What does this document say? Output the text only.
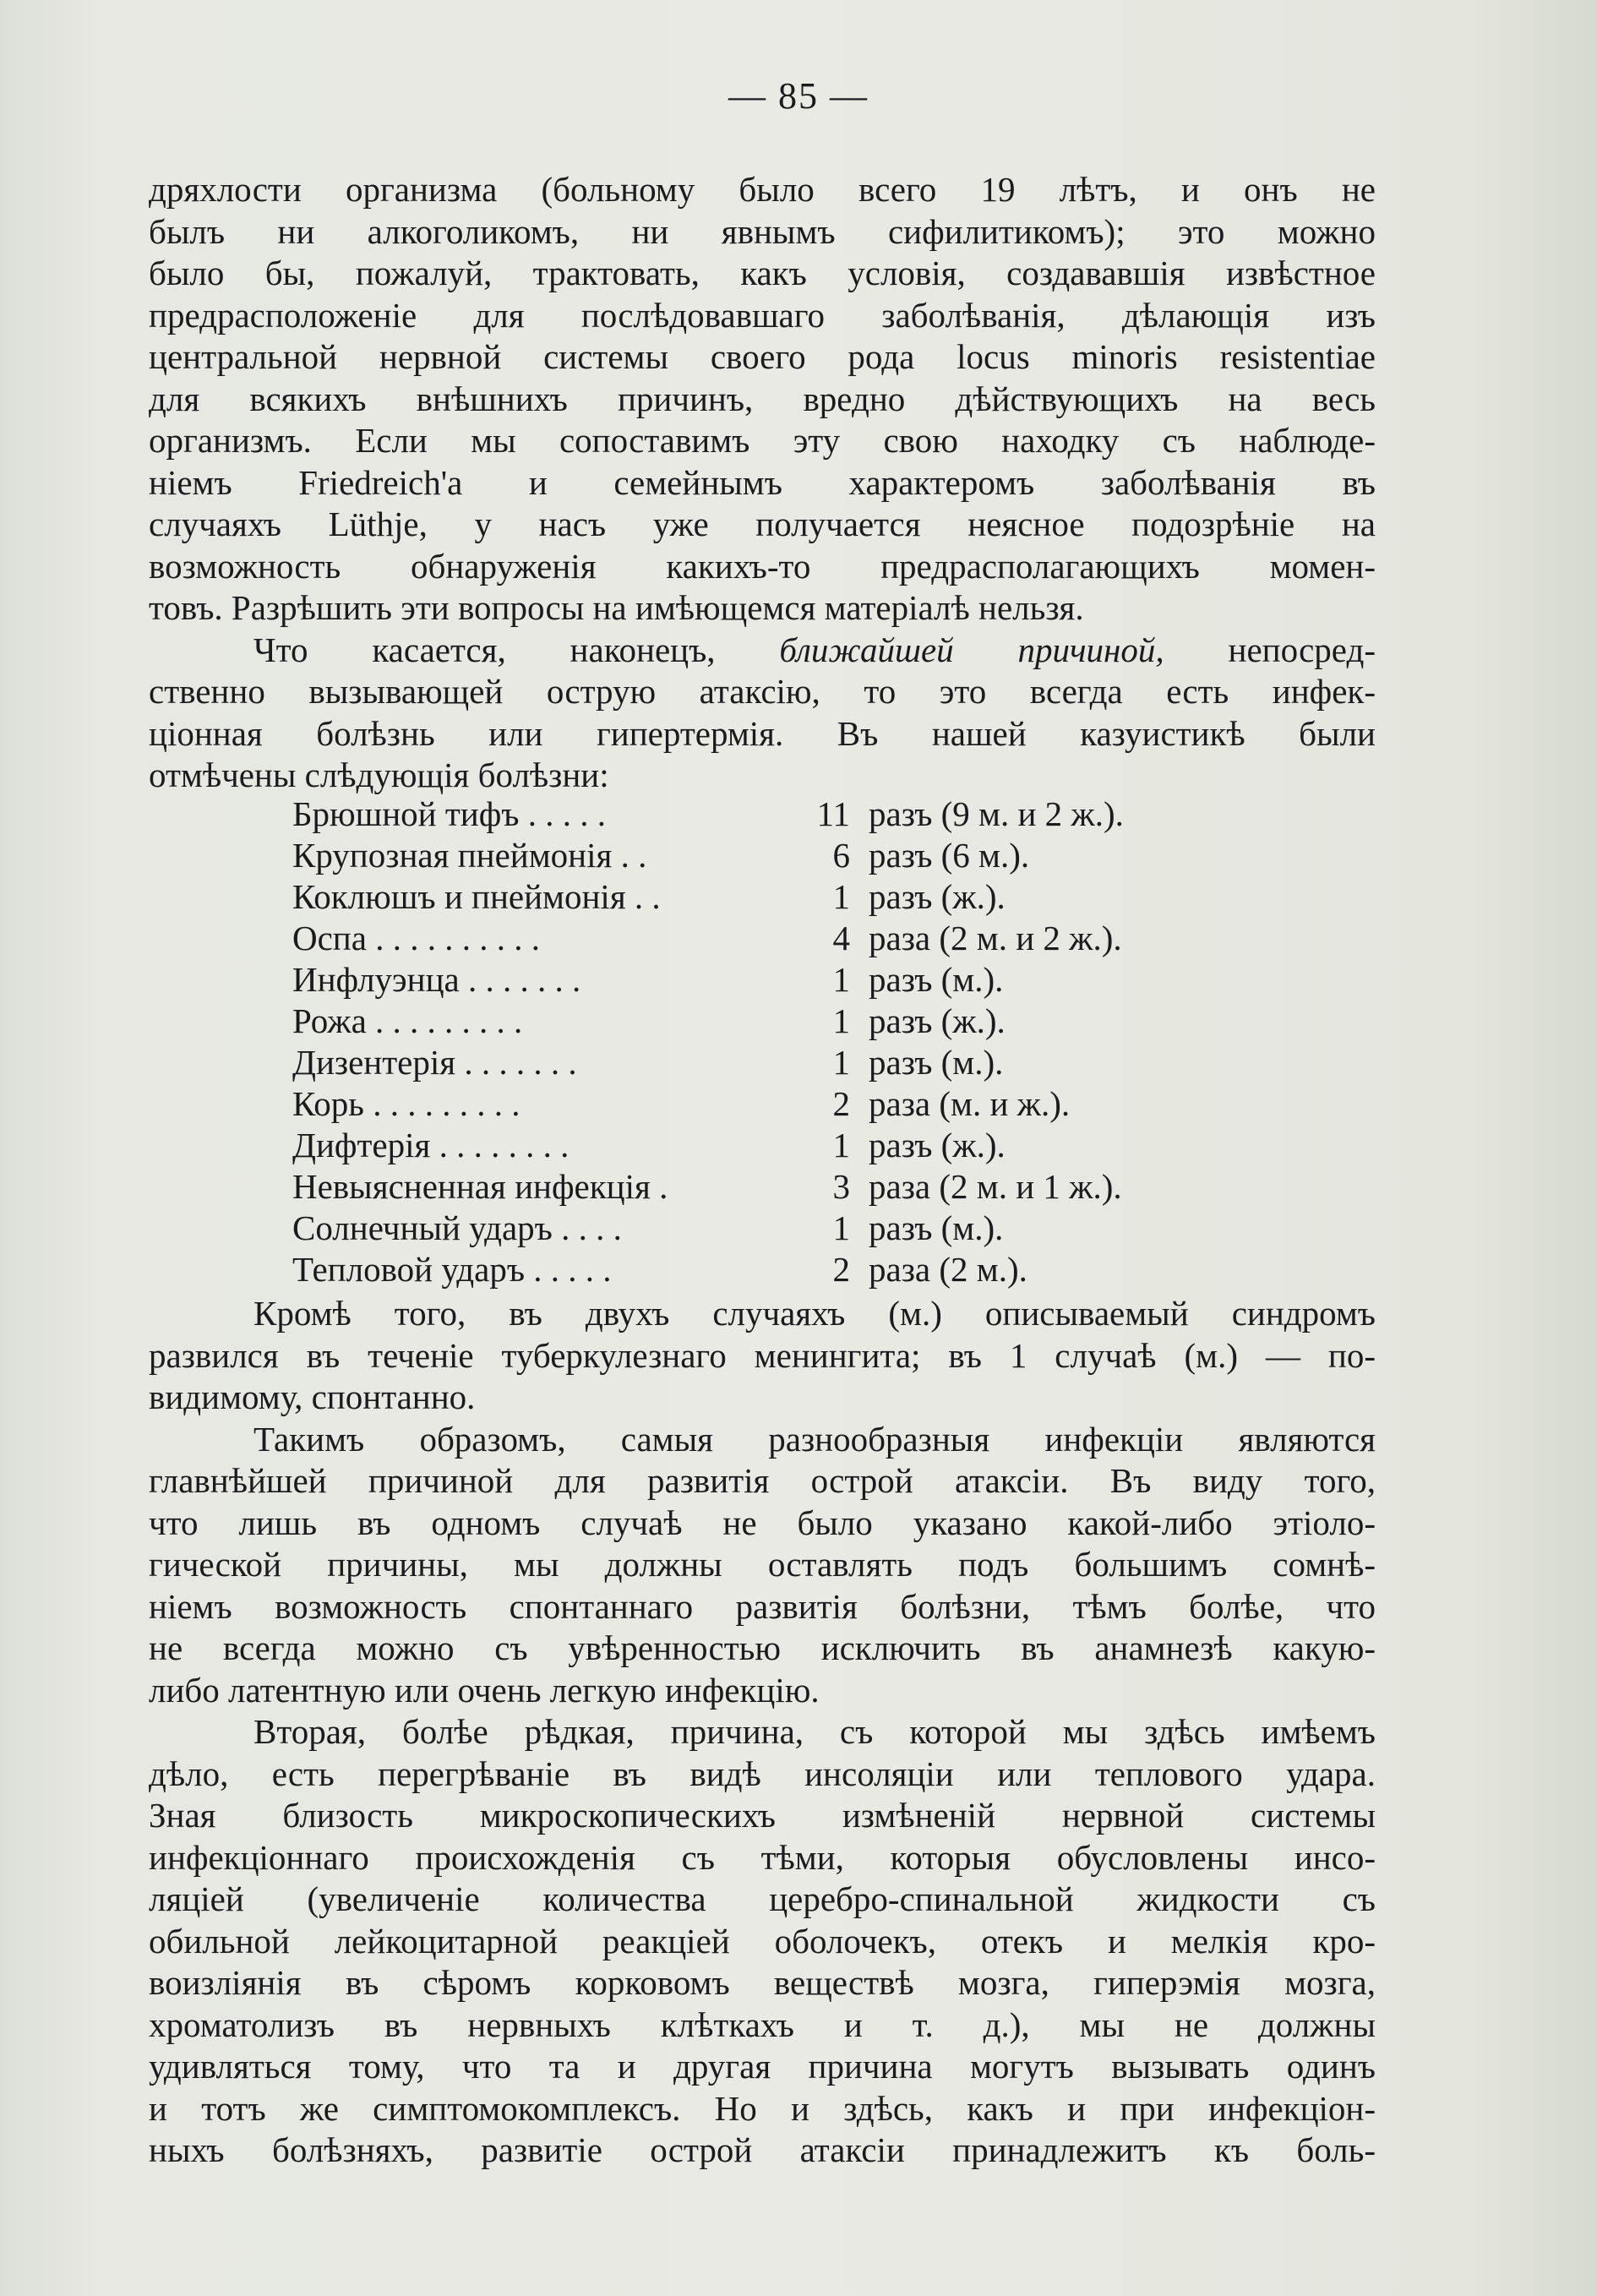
— 85 —
дряхлости организма (больному было всего 19 лѣтъ, и онъ не
былъ ни алкоголикомъ, ни явнымъ сифилитикомъ); это можно
было бы, пожалуй, трактовать, какъ условія, создававшія извѣстное
предрасположеніе для послѣдовавшаго заболѣванія, дѣлающія изъ
центральной нервной системы своего рода locus minoris resistentiae
для всякихъ внѣшнихъ причинъ, вредно дѣйствующихъ на весь
организмъ. Если мы сопоставимъ эту свою находку съ наблюде-
ніемъ Friedreich'a и семейнымъ характеромъ заболѣванія въ
случаяхъ Lüthje, у насъ уже получается неясное подозрѣніе на
возможность обнаруженія какихъ-то предрасполагающихъ момен-
товъ. Разрѣшить эти вопросы на имѣющемся матеріалѣ нельзя.
Что касается, наконецъ, ближайшей причиной, непосред-
ственно вызывающей острую атаксію, то это всегда есть инфек-
ціонная болѣзнь или гипертермія. Въ нашей казуистикѣ были
отмѣчены слѣдующія болѣзни:
Брюшной тифъ . . . . .	11 разъ (9 м. и 2 ж.).
Крупозная пнеймонія . .	6 разъ (6 м.).
Коклюшъ и пнеймонія . .	1 разъ (ж.).
Оспа . . . . . . . . . .	4 раза (2 м. и 2 ж.).
Инфлуэнца . . . . . . .	1 разъ (м.).
Рожа . . . . . . . . .	1 разъ (ж.).
Дизентерія . . . . . . .	1 разъ (м.).
Корь . . . . . . . . .	2 раза (м. и ж.).
Дифтерія . . . . . . . .	1 разъ (ж.).
Невыясненная инфекція .	3 раза (2 м. и 1 ж.).
Солнечный ударъ . . . .	1 разъ (м.).
Тепловой ударъ . . . . .	2 раза (2 м.).
Кромѣ того, въ двухъ случаяхъ (м.) описываемый синдромъ
развился въ теченіе туберкулезнаго менингита; въ 1 случаѣ (м.) — по-
видимому, спонтанно.
Такимъ образомъ, самыя разнообразныя инфекціи являются
главнѣйшей причиной для развитія острой атаксіи. Въ виду того,
что лишь въ одномъ случаѣ не было указано какой-либо этіоло-
гической причины, мы должны оставлять подъ большимъ сомнѣ-
ніемъ возможность спонтаннаго развитія болѣзни, тѣмъ болѣе, что
не всегда можно съ увѣренностью исключить въ анамнезѣ какую-
либо латентную или очень легкую инфекцію.
Вторая, болѣе рѣдкая, причина, съ которой мы здѣсь имѣемъ
дѣло, есть перегрѣваніе въ видѣ инсоляціи или теплового удара.
Зная близость микроскопическихъ измѣненій нервной системы
инфекціоннаго происхожденія съ тѣми, которыя обусловлены инсо-
ляціей (увеличеніе количества церебро-спинальной жидкости съ
обильной лейкоцитарной реакціей оболочекъ, отекъ и мелкія кро-
воизліянія въ сѣромъ корковомъ веществѣ мозга, гиперэмія мозга,
хроматолизъ въ нервныхъ клѣткахъ и т. д.), мы не должны
удивляться тому, что та и другая причина могутъ вызывать одинъ
и тотъ же симптомокомплексъ. Но и здѣсь, какъ и при инфекціон-
ныхъ болѣзняхъ, развитіе острой атаксіи принадлежитъ къ боль-
